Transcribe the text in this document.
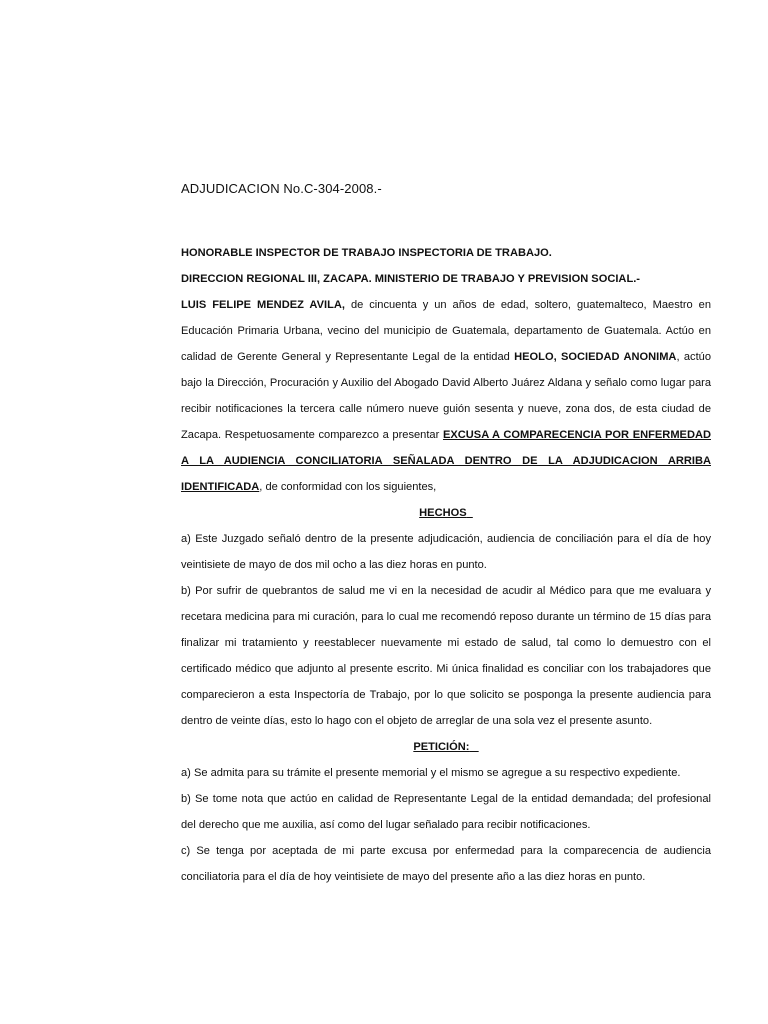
ADJUDICACION No.C-304-2008.-

HONORABLE INSPECTOR DE TRABAJO INSPECTORIA DE TRABAJO.

DIRECCION REGIONAL III, ZACAPA. MINISTERIO DE TRABAJO Y PREVISION SOCIAL.-

LUIS FELIPE MENDEZ AVILA, de cincuenta y un años de edad, soltero, guatemalteco, Maestro en Educación Primaria Urbana, vecino del municipio de Guatemala, departamento de Guatemala. Actúo en calidad de Gerente General y Representante Legal de la entidad HEOLO, SOCIEDAD ANONIMA, actúo bajo la Dirección, Procuración y Auxilio del Abogado David Alberto Juárez Aldana y señalo como lugar para recibir notificaciones la tercera calle número nueve guión sesenta y nueve, zona dos, de esta ciudad de Zacapa. Respetuosamente comparezco a presentar EXCUSA A COMPARECENCIA POR ENFERMEDAD A LA AUDIENCIA CONCILIATORIA SEÑALADA DENTRO DE LA ADJUDICACION ARRIBA IDENTIFICADA, de conformidad con los siguientes,

HECHOS

a) Este Juzgado señaló dentro de la presente adjudicación, audiencia de conciliación para el día de hoy veintisiete de mayo de dos mil ocho a las diez horas en punto.

b) Por sufrir de quebrantos de salud me vi en la necesidad de acudir al Médico para que me evaluara y recetara medicina para mi curación, para lo cual me recomendó reposo durante un término de 15 días para finalizar mi tratamiento y reestablecer nuevamente mi estado de salud, tal como lo demuestro con el certificado médico que adjunto al presente escrito. Mi única finalidad es conciliar con los trabajadores que comparecieron a esta Inspectoría de Trabajo, por lo que solicito se posponga la presente audiencia para dentro de veinte días, esto lo hago con el objeto de arreglar de una sola vez el presente asunto.

PETICIÓN:

a) Se admita para su trámite el presente memorial y el mismo se agregue a su respectivo expediente.

b) Se tome nota que actúo en calidad de Representante Legal de la entidad demandada; del profesional del derecho que me auxilia, así como del lugar señalado para recibir notificaciones.

c) Se tenga por aceptada de mi parte excusa por enfermedad para la comparecencia de audiencia conciliatoria para el día de hoy veintisiete de mayo del presente año a las diez horas en punto.
